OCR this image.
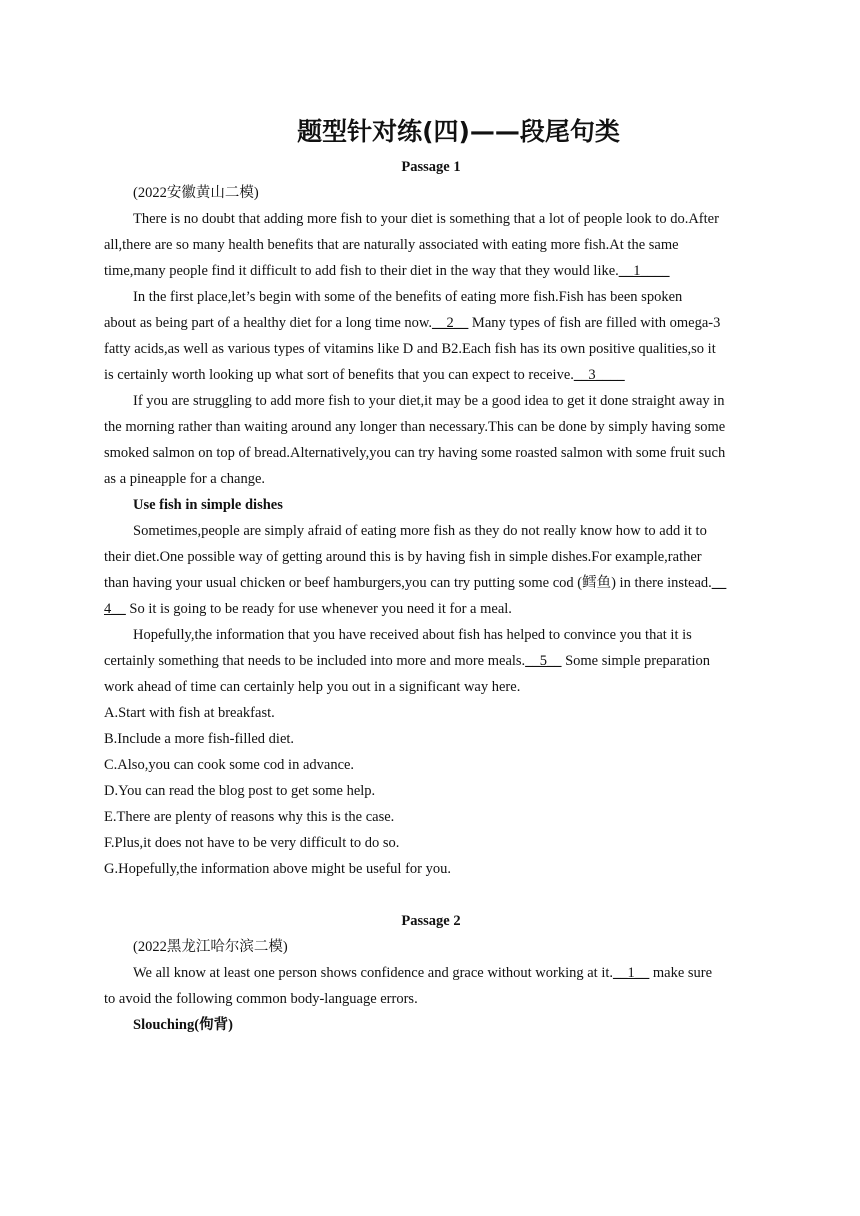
题型针对练(四)——段尾句类
Passage 1
(2022安徽黄山二模)
There is no doubt that adding more fish to your diet is something that a lot of people look to do.After
all,there are so many health benefits that are naturally associated with eating more fish.At the same
time,many people find it difficult to add fish to their diet in the way that they would like.__1____
In the first place,let’s begin with some of the benefits of eating more fish.Fish has been spoken
about as being part of a healthy diet for a long time now.__2__ Many types of fish are filled with omega-3
fatty acids,as well as various types of vitamins like D and B2.Each fish has its own positive qualities,so it
is certainly worth looking up what sort of benefits that you can expect to receive.__3____
If you are struggling to add more fish to your diet,it may be a good idea to get it done straight away in
the morning rather than waiting around any longer than necessary.This can be done by simply having some
smoked salmon on top of bread.Alternatively,you can try having some roasted salmon with some fruit such
as a pineapple for a change.
Use fish in simple dishes
Sometimes,people are simply afraid of eating more fish as they do not really know how to add it to
their diet.One possible way of getting around this is by having fish in simple dishes.For example,rather
than having your usual chicken or beef hamburgers,you can try putting some cod (鳕鱼) in there instead.__
4__ So it is going to be ready for use whenever you need it for a meal.
Hopefully,the information that you have received about fish has helped to convince you that it is
certainly something that needs to be included into more and more meals.__5__ Some simple preparation
work ahead of time can certainly help you out in a significant way here.
A.Start with fish at breakfast.
B.Include a more fish-filled diet.
C.Also,you can cook some cod in advance.
D.You can read the blog post to get some help.
E.There are plenty of reasons why this is the case.
F.Plus,it does not have to be very difficult to do so.
G.Hopefully,the information above might be useful for you.
Passage 2
(2022黑龙江哈尔滨二模)
We all know at least one person shows confidence and grace without working at it.__1__ make sure
to avoid the following common body-language errors.
Slouching(佝背)
